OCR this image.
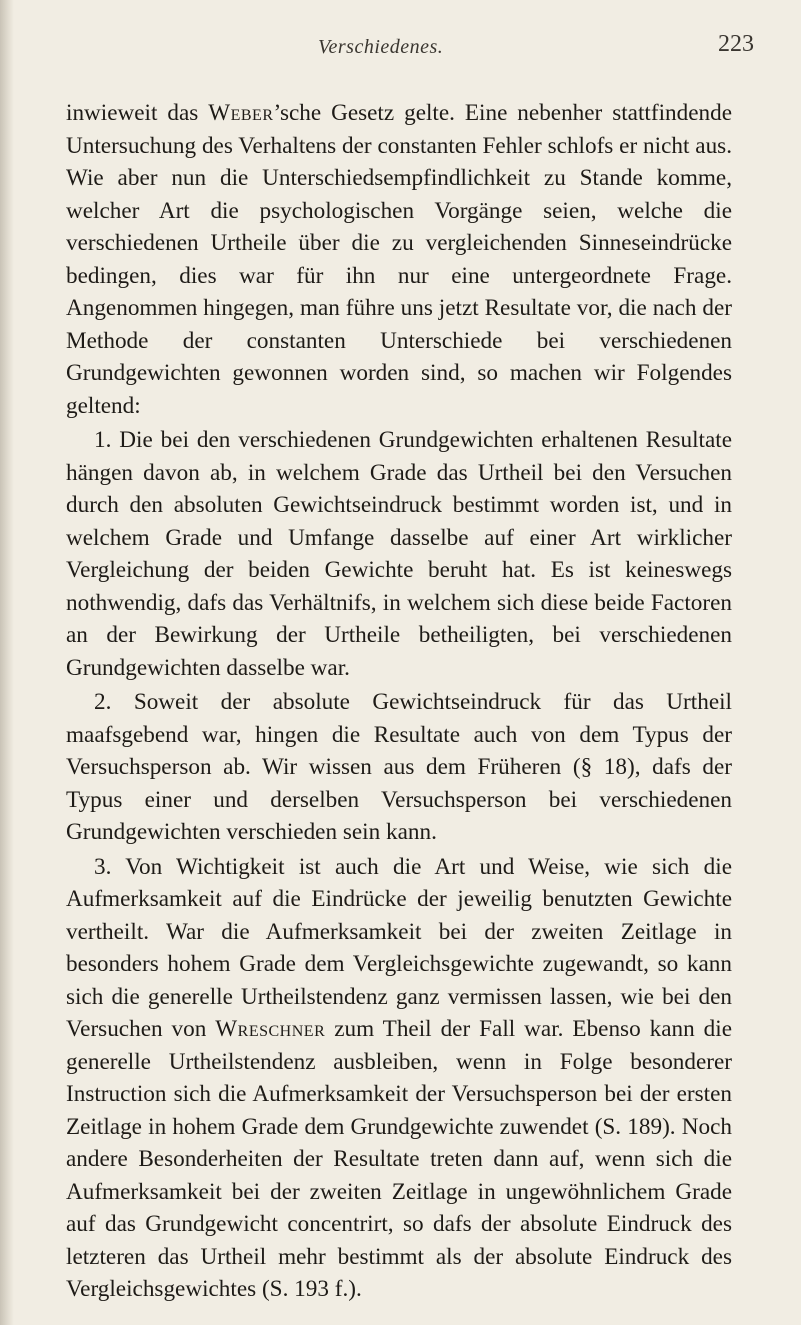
Verschiedenes.	223

inwieweit das Weber’sche Gesetz gelte. Eine nebenher stattfindende Untersuchung des Verhaltens der constanten Fehler schlofs er nicht aus. Wie aber nun die Unterschiedsempfindlichkeit zu Stande komme, welcher Art die psychologischen Vorgänge seien, welche die verschiedenen Urtheile über die zu vergleichenden Sinneseindrücke bedingen, dies war für ihn nur eine untergeordnete Frage. Angenommen hingegen, man führe uns jetzt Resultate vor, die nach der Methode der constanten Unterschiede bei verschiedenen Grundgewichten gewonnen worden sind, so machen wir Folgendes geltend:

1. Die bei den verschiedenen Grundgewichten erhaltenen Resultate hängen davon ab, in welchem Grade das Urtheil bei den Versuchen durch den absoluten Gewichtseindruck bestimmt worden ist, und in welchem Grade und Umfange dasselbe auf einer Art wirklicher Vergleichung der beiden Gewichte beruht hat. Es ist keineswegs nothwendig, dafs das Verhältnifs, in welchem sich diese beide Factoren an der Bewirkung der Urtheile betheiligten, bei verschiedenen Grundgewichten dasselbe war.

2. Soweit der absolute Gewichtseindruck für das Urtheil maafsgebend war, hingen die Resultate auch von dem Typus der Versuchsperson ab. Wir wissen aus dem Früheren (§ 18), dafs der Typus einer und derselben Versuchsperson bei verschiedenen Grundgewichten verschieden sein kann.

3. Von Wichtigkeit ist auch die Art und Weise, wie sich die Aufmerksamkeit auf die Eindrücke der jeweilig benutzten Gewichte vertheilt. War die Aufmerksamkeit bei der zweiten Zeitlage in besonders hohem Grade dem Vergleichsgewichte zugewandt, so kann sich die generelle Urtheilstendenz ganz vermissen lassen, wie bei den Versuchen von Wreschner zum Theil der Fall war. Ebenso kann die generelle Urtheilstendenz ausbleiben, wenn in Folge besonderer Instruction sich die Aufmerksamkeit der Versuchsperson bei der ersten Zeitlage in hohem Grade dem Grundgewichte zuwendet (S. 189). Noch andere Besonderheiten der Resultate treten dann auf, wenn sich die Aufmerksamkeit bei der zweiten Zeitlage in ungewöhnlichem Grade auf das Grundgewicht concentrirt, so dafs der absolute Eindruck des letzteren das Urtheil mehr bestimmt als der absolute Eindruck des Vergleichsgewichtes (S. 193 f.).
